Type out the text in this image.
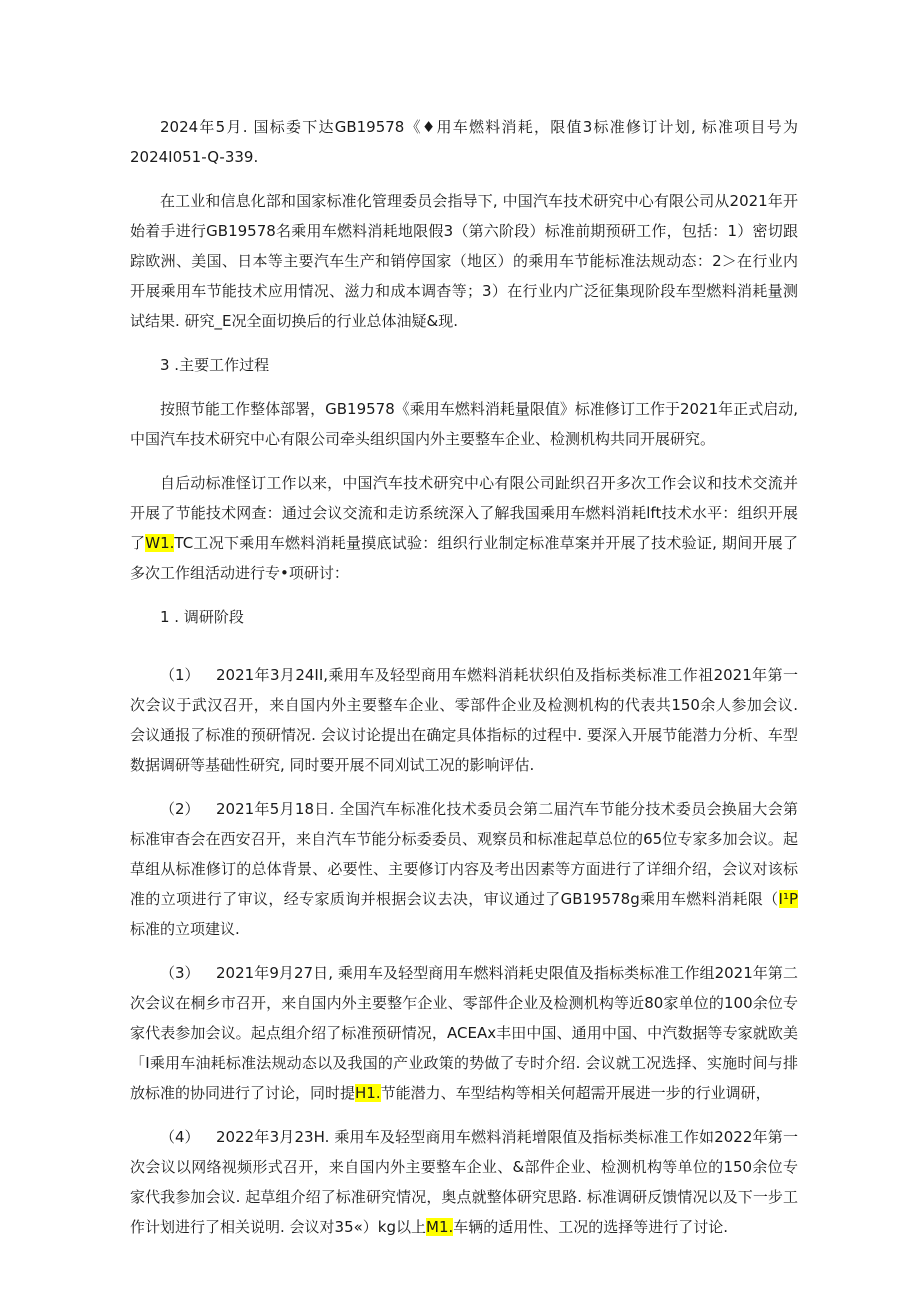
2024年5月. 国标委下达GB19578《♦用车燃料消耗，限值3标准修订计划, 标准项目号为2024I051-Q-339.

在工业和信息化部和国家标准化管理委员会指导下, 中国汽车技术研究中心有限公司从2021年开始着手进行GB19578名乘用车燃料消耗地限假3（第六阶段）标准前期预研工作，包括：1）密切跟踪欧洲、美国、日本等主要汽车生产和销停国家（地区）的乘用车节能标准法规动态：2＞在行业内开展乘用车节能技术应用情况、滋力和成本调杳等；3）在行业内广泛征集现阶段车型燃料消耗量测试结果. 研究_E况全面切换后的行业总体油疑&现.

3 .主要工作过程

按照节能工作整体部署，GB19578《乘用车燃料消耗量限值》标准修订工作于2021年正式启动, 中国汽车技术研究中心有限公司牵头组织国内外主要整车企业、检测机构共同开展研究。

自后动标准怪订工作以来，中国汽车技术研究中心有限公司趾织召开多次工作会议和技术交流并开展了节能技术网查：通过会议交流和走访系统深入了解我国乘用车燃料消耗lft技术水平：组织开展了W1.TC工况下乘用车燃料消耗量摸底试验：组织行业制定标准草案并开展了技术验证, 期间开展了多次工作组活动进行专•项研讨：

1 . 调研阶段

（1） 2021年3月24II,乘用车及轻型商用车燃料消耗状织伯及指标类标准工作祖2021年第一次会议于武汉召开，来自国内外主要整车企业、零部件企业及检测机构的代表共150余人参加会议. 会议通报了标准的预研情况. 会议讨论提出在确定具体指标的过程中. 要深入开展节能潜力分析、车型数据调研等基础性研究, 同时要开展不同刈试工况的影响评估.

（2） 2021年5月18日. 全国汽车标准化技术委员会第二届汽车节能分技术委员会换届大会第标准审杳会在西安召开，来自汽车节能分标委委员、观察员和标准起草总位的65位专家多加会议。起草组从标准修订的总体背景、必要性、主要修订内容及考出因素等方面进行了详细介绍，会议对该标准的立项进行了审议，经专家质询并根据会议去决，审议通过了GB19578g乘用车燃料消耗限（I¹P标准的立项建议.

（3） 2021年9月27日, 乘用车及轻型商用车燃料消耗史限值及指标类标准工作组2021年第二次会议在桐乡市召开，来自国内外主要整乍企业、零部件企业及检测机构等近80家单位的100余位专家代表参加会议。起点组介绍了标准预研情况，ACEAx丰田中国、通用中国、中汽数据等专家就欧美「I乘用车油耗标准法规动态以及我国的产业政策的势做了专时介绍. 会议就工况选择、实施时间与排放标准的协同进行了讨论，同时提H1.节能潜力、车型结构等相关何超需开展进一步的行业调研，

（4） 2022年3月23H. 乘用车及轻型商用车燃料消耗增限值及指标类标准工作如2022年第一次会议以网络视频形式召开，来自国内外主要整车企业、&部件企业、检测机构等单位的150余位专家代我参加会议. 起草组介绍了标准研究情况，奥点就整体研究思路. 标准调研反馈情况以及下一步工作计划进行了相关说明. 会议对35«）kg以上M1.车辆的适用性、工况的选择等进行了讨论.
